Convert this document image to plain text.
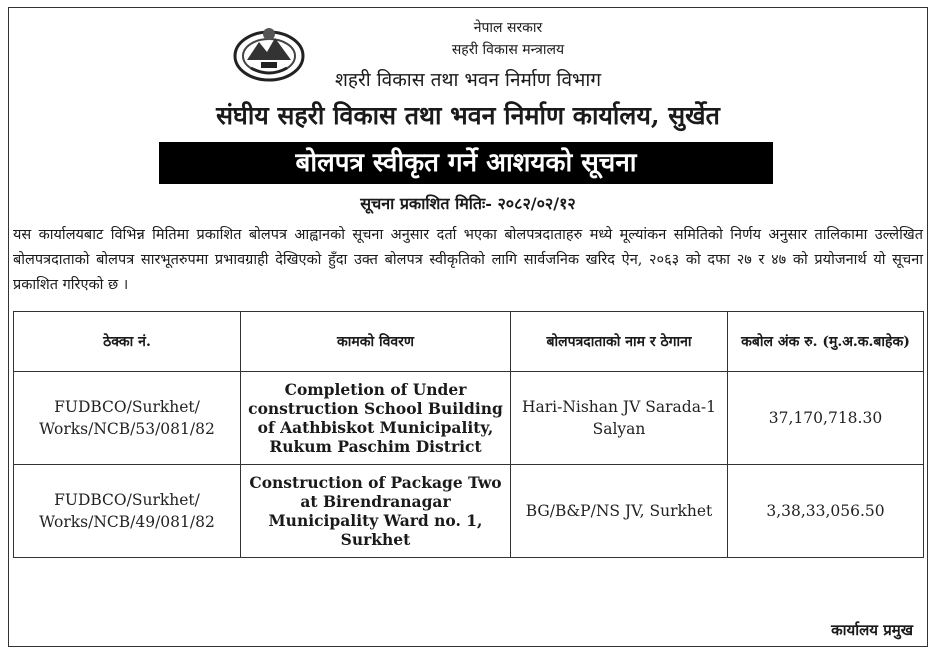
नेपाल सरकार
सहरी विकास मन्त्रालय
शहरी विकास तथा भवन निर्माण विभाग
संघीय सहरी विकास तथा भवन निर्माण कार्यालय, सुर्खेत
बोलपत्र स्वीकृत गर्ने आशयको सूचना
सूचना प्रकाशित मितिः- २०८२/०२/१२

यस कार्यालयबाट विभिन्न मितिमा प्रकाशित बोलपत्र आह्वानको सूचना अनुसार दर्ता भएका बोलपत्रदाताहरु मध्ये मूल्यांकन समितिको निर्णय अनुसार तालिकामा उल्लेखित बोलपत्रदाताको बोलपत्र सारभूतरुपमा प्रभावग्राही देखिएको हुँदा उक्त बोलपत्र स्वीकृतिको लागि सार्वजनिक खरिद ऐन, २०६३ को दफा २७ र ४७ को प्रयोजनार्थ यो सूचना प्रकाशित गरिएको छ ।

ठेक्का नं.	कामको विवरण	बोलपत्रदाताको नाम र ठेगाना	कबोल अंक रु. (मु.अ.क.बाहेक)
FUDBCO/Surkhet/ Works/NCB/53/081/82	Completion of Under construction School Building of Aathbiskot Municipality, Rukum Paschim District	Hari-Nishan JV Sarada-1 Salyan	37,170,718.30
FUDBCO/Surkhet/ Works/NCB/49/081/82	Construction of Package Two at Birendranagar Municipality Ward no. 1, Surkhet	BG/B&P/NS JV, Surkhet	3,38,33,056.50
कार्यालय प्रमुख
